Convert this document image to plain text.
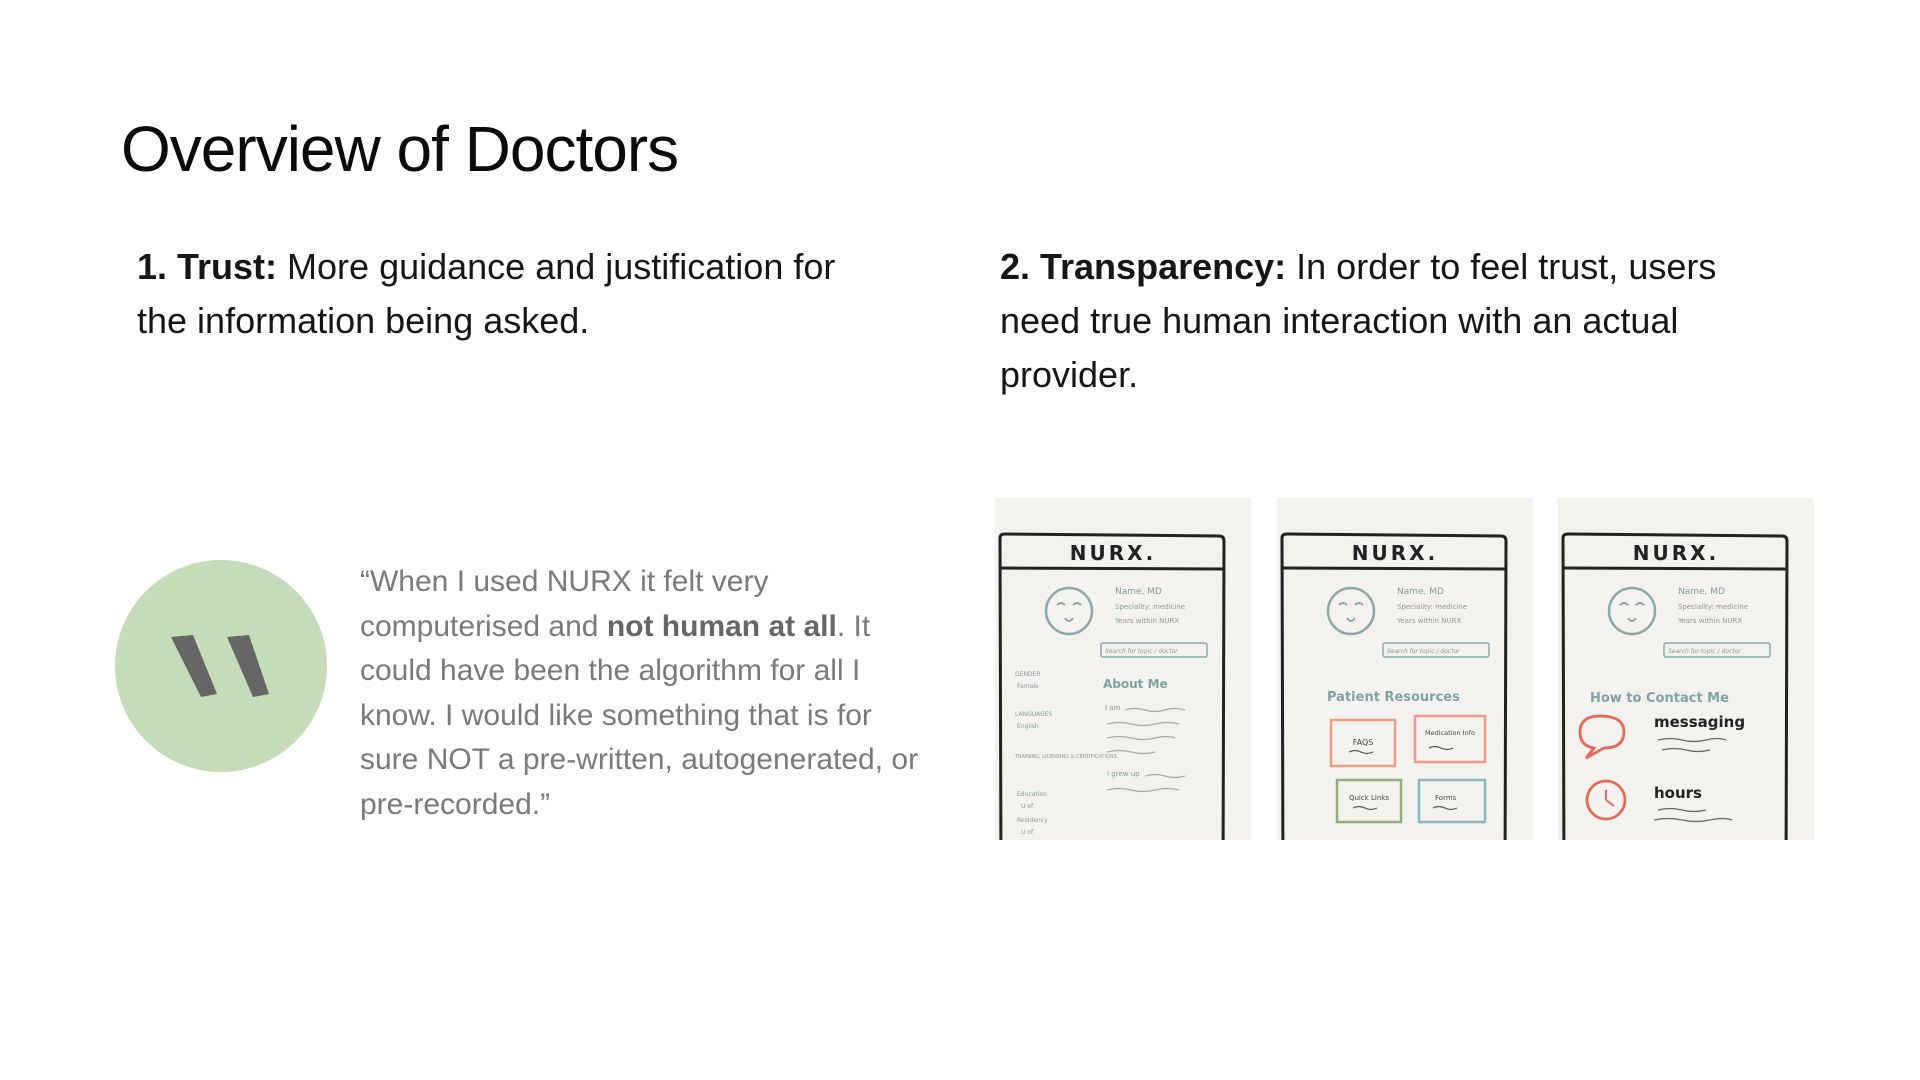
Overview of Doctors

1. Trust: More guidance and justification for the information being asked.

2. Transparency: In order to feel trust, users need true human interaction with an actual provider.

“When I used NURX it felt very computerised and not human at all. It could have been the algorithm for all I know. I would like something that is for sure NOT a pre-written, autogenerated, or pre-recorded.”

NURX.
Name, MD
Speciality: medicine
Years within NURX
Search for topic / doctor
About Me
GENDER
Female
LANGUAGES
English
TRAINING, LICENSING & CERTIFICATIONS
Education
U of
Residency
U of
I am
I grew up
NURX.
Name, MD
Speciality: medicine
Years within NURX
Search for topic / doctor
Patient Resources
FAQS
Medication Info
Quick Links	Forms
NURX.
Name, MD
Speciality: medicine
Years within NURX
Search for topic / doctor
How to Contact Me
messaging
hours
